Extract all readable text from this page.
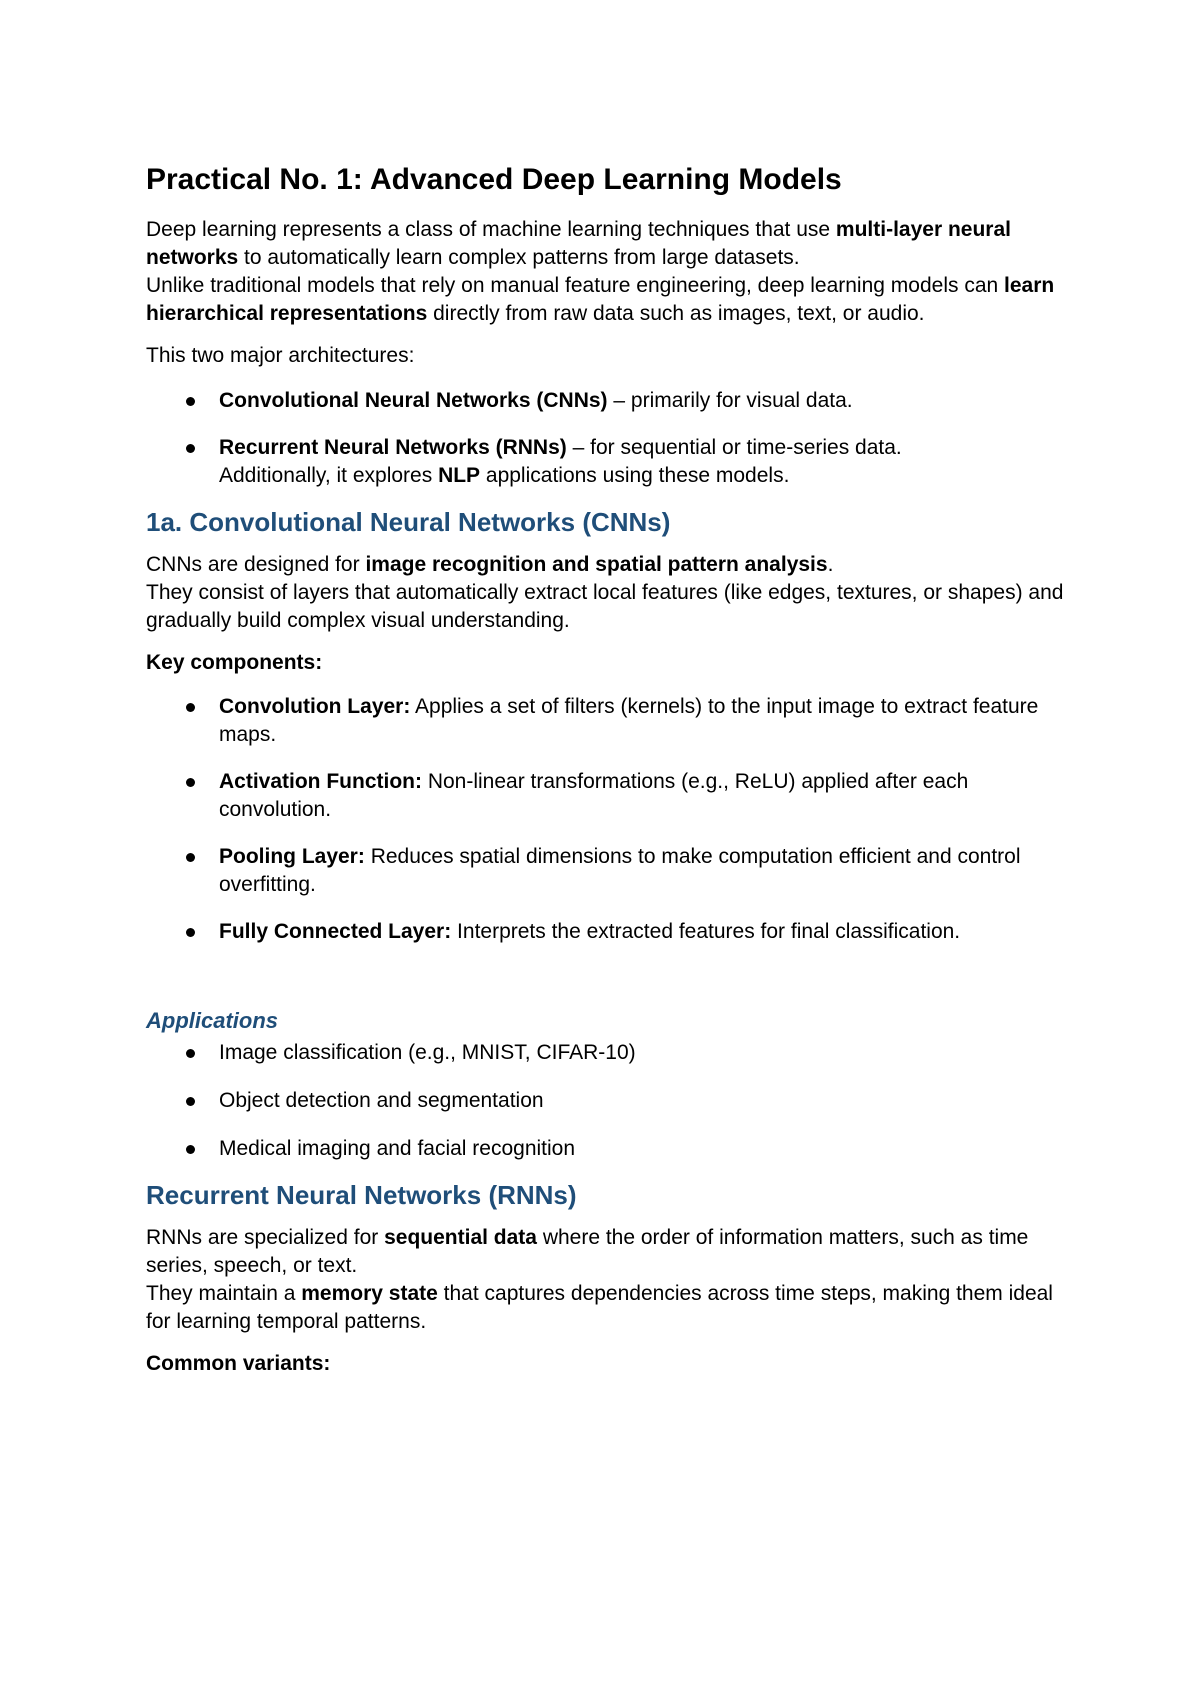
Practical No. 1: Advanced Deep Learning Models

Deep learning represents a class of machine learning techniques that use multi-layer neural networks to automatically learn complex patterns from large datasets.

Unlike traditional models that rely on manual feature engineering, deep learning models can learn hierarchical representations directly from raw data such as images, text, or audio.

This two major architectures:

Convolutional Neural Networks (CNNs) – primarily for visual data.
Recurrent Neural Networks (RNNs) – for sequential or time-series data.
Additionally, it explores NLP applications using these models.
1a. Convolutional Neural Networks (CNNs)

CNNs are designed for image recognition and spatial pattern analysis.

They consist of layers that automatically extract local features (like edges, textures, or shapes) and gradually build complex visual understanding.

Key components:

Convolution Layer: Applies a set of filters (kernels) to the input image to extract feature maps.
Activation Function: Non-linear transformations (e.g., ReLU) applied after each convolution.
Pooling Layer: Reduces spatial dimensions to make computation efficient and control overfitting.
Fully Connected Layer: Interprets the extracted features for final classification.
Applications
Image classification (e.g., MNIST, CIFAR-10)
Object detection and segmentation
Medical imaging and facial recognition
Recurrent Neural Networks (RNNs)

RNNs are specialized for sequential data where the order of information matters, such as time series, speech, or text.

They maintain a memory state that captures dependencies across time steps, making them ideal for learning temporal patterns.

Common variants:
